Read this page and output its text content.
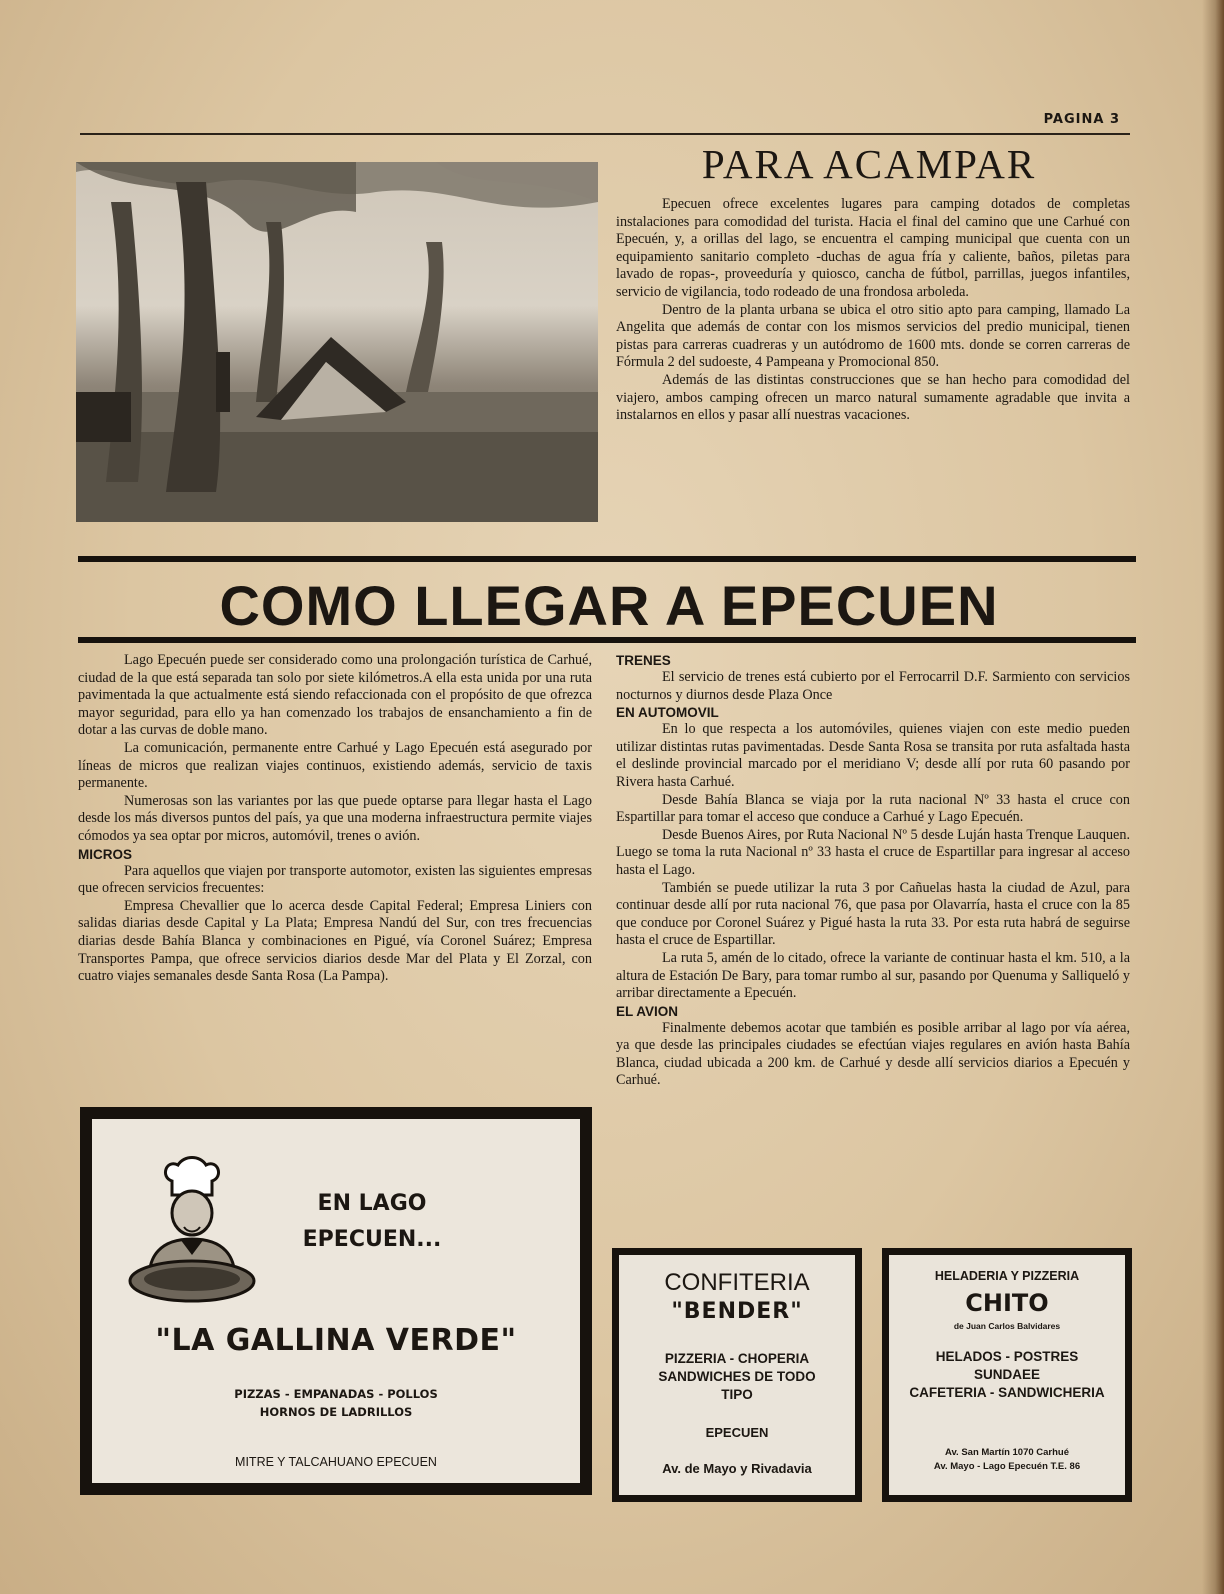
PAGINA 3
PARA ACAMPAR

Epecuen ofrece excelentes lugares para camping dotados de completas instalaciones para comodidad del turista. Hacia el final del camino que une Carhué con Epecuén, y, a orillas del lago, se encuentra el camping municipal que cuenta con un equipamiento sanitario completo -duchas de agua fría y caliente, baños, piletas para lavado de ropas-, proveeduría y quiosco, cancha de fútbol, parrillas, juegos infantiles, servicio de vigilancia, todo rodeado de una frondosa arboleda.

Dentro de la planta urbana se ubica el otro sitio apto para camping, llamado La Angelita que además de contar con los mismos servicios del predio municipal, tienen pistas para carreras cuadreras y un autódromo de 1600 mts. donde se corren carreras de Fórmula 2 del sudoeste, 4 Pampeana y Promocional 850.

Además de las distintas construcciones que se han hecho para comodidad del viajero, ambos camping ofrecen un marco natural sumamente agradable que invita a instalarnos en ellos y pasar allí nuestras vacaciones.

COMO LLEGAR A EPECUEN

Lago Epecuén puede ser considerado como una prolongación turística de Carhué, ciudad de la que está separada tan solo por siete kilómetros.A ella esta unida por una ruta pavimentada la que actualmente está siendo refaccionada con el propósito de que ofrezca mayor seguridad, para ello ya han comenzado los trabajos de ensanchamiento a fin de dotar a las curvas de doble mano.

La comunicación, permanente entre Carhué y Lago Epecuén está asegurado por líneas de micros que realizan viajes continuos, existiendo además, servicio de taxis permanente.

Numerosas son las variantes por las que puede optarse para llegar hasta el Lago desde los más diversos puntos del país, ya que una moderna infraestructura permite viajes cómodos ya sea optar por micros, automóvil, trenes o avión.

MICROS

Para aquellos que viajen por transporte automotor, existen las siguientes empresas que ofrecen servicios frecuentes:

Empresa Chevallier que lo acerca desde Capital Federal; Empresa Liniers con salidas diarias desde Capital y La Plata; Empresa Nandú del Sur, con tres frecuencias diarias desde Bahía Blanca y combinaciones en Pigué, vía Coronel Suárez; Empresa Transportes Pampa, que ofrece servicios diarios desde Mar del Plata y El Zorzal, con cuatro viajes semanales desde Santa Rosa (La Pampa).

TRENES

El servicio de trenes está cubierto por el Ferrocarril D.F. Sarmiento con servicios nocturnos y diurnos desde Plaza Once

EN AUTOMOVIL

En lo que respecta a los automóviles, quienes viajen con este medio pueden utilizar distintas rutas pavimentadas. Desde Santa Rosa se transita por ruta asfaltada hasta el deslinde provincial marcado por el meridiano V; desde allí por ruta 60 pasando por Rivera hasta Carhué.

Desde Bahía Blanca se viaja por la ruta nacional Nº 33 hasta el cruce con Espartillar para tomar el acceso que conduce a Carhué y Lago Epecuén.

Desde Buenos Aires, por Ruta Nacional Nº 5 desde Luján hasta Trenque Lauquen. Luego se toma la ruta Nacional nº 33 hasta el cruce de Espartillar para ingresar al acceso hasta el Lago.

También se puede utilizar la ruta 3 por Cañuelas hasta la ciudad de Azul, para continuar desde allí por ruta nacional 76, que pasa por Olavarría, hasta el cruce con la 85 que conduce por Coronel Suárez y Pigué hasta la ruta 33. Por esta ruta habrá de seguirse hasta el cruce de Espartillar.

La ruta 5, amén de lo citado, ofrece la variante de continuar hasta el km. 510, a la altura de Estación De Bary, para tomar rumbo al sur, pasando por Quenuma y Salliqueló y arribar directamente a Epecuén.

EL AVION

Finalmente debemos acotar que también es posible arribar al lago por vía aérea, ya que desde las principales ciudades se efectúan viajes regulares en avión hasta Bahía Blanca, ciudad ubicada a 200 km. de Carhué y desde allí servicios diarios a Epecuén y Carhué.

EN LAGO
EPECUEN...
"LA GALLINA VERDE"
PIZZAS - EMPANADAS - POLLOS
HORNOS DE LADRILLOS
MITRE Y TALCAHUANO EPECUEN
CONFITERIA
"BENDER"
PIZZERIA - CHOPERIA
SANDWICHES DE TODO
TIPO
EPECUEN
Av. de Mayo y Rivadavia
HELADERIA Y PIZZERIA
CHITO
de Juan Carlos Balvidares
HELADOS - POSTRES
SUNDAEE
CAFETERIA - SANDWICHERIA
Av. San Martín 1070 Carhué
Av. Mayo - Lago Epecuén T.E. 86
